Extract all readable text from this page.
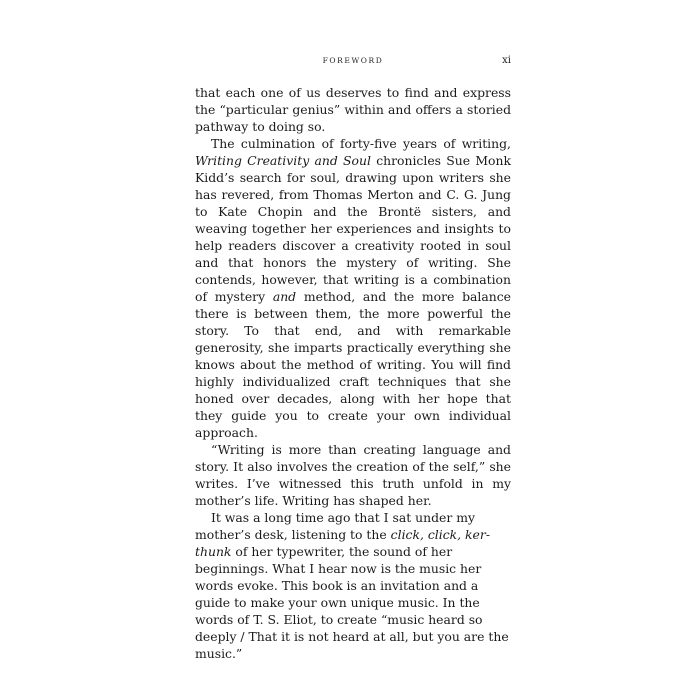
FOREWORD	xi

that each one of us deserves to find and express the “particular genius” within and offers a storied pathway to doing so.

The culmination of forty-five years of writing, Writing Creativity and Soul chronicles Sue Monk Kidd’s search for soul, drawing upon writers she has revered, from Thomas Merton and C. G. Jung to Kate Chopin and the Brontë sisters, and weaving together her experiences and insights to help readers discover a creativity rooted in soul and that honors the mystery of writing. She contends, however, that writing is a combination of mystery and method, and the more balance there is between them, the more powerful the story. To that end, and with remarkable generosity, she imparts practically everything she knows about the method of writing. You will find highly individualized craft techniques that she honed over decades, along with her hope that they guide you to create your own individual approach.

“Writing is more than creating language and story. It also involves the creation of the self,” she writes. I’ve witnessed this truth unfold in my mother’s life. Writing has shaped her.

It was a long time ago that I sat under my mother’s desk, listening to the click, click, ker-thunk of her typewriter, the sound of her beginnings. What I hear now is the music her words evoke. This book is an invitation and a guide to make your own unique music. In the words of T. S. Eliot, to create “music heard so deeply / That it is not heard at all, but you are the music.”
